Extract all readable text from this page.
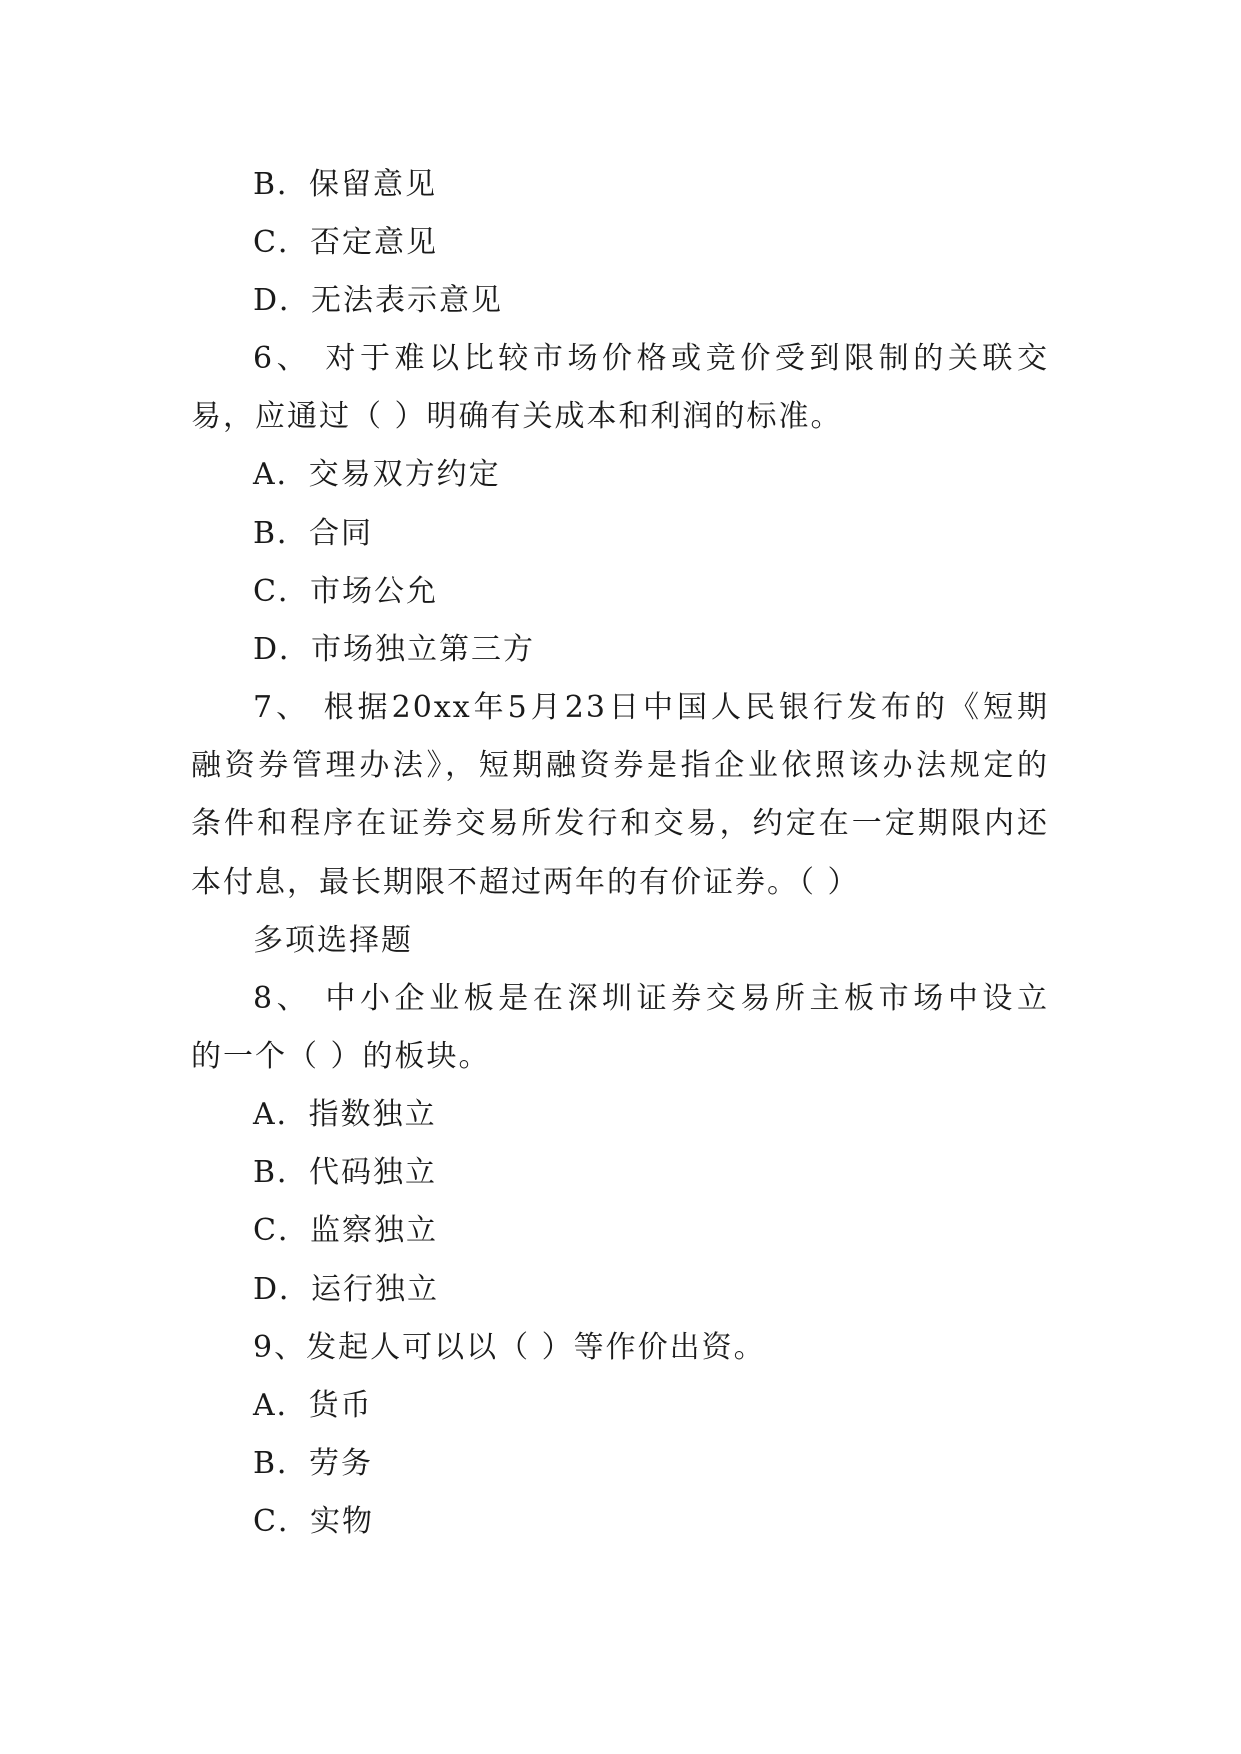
B．保留意见
C．否定意见
D．无法表示意见
6、 对于难以比较市场价格或竞价受到限制的关联交
易，应通过（ ）明确有关成本和利润的标准。
A．交易双方约定
B．合同
C．市场公允
D．市场独立第三方
7、 根据20xx年5月23日中国人民银行发布的《短期
融资券管理办法》，短期融资券是指企业依照该办法规定的
条件和程序在证券交易所发行和交易，约定在一定期限内还
本付息，最长期限不超过两年的有价证券。（ ）
多项选择题
8、 中小企业板是在深圳证券交易所主板市场中设立
的一个（ ）的板块。
A．指数独立
B．代码独立
C．监察独立
D．运行独立
9、发起人可以以（ ）等作价出资。
A．货币
B．劳务
C．实物
